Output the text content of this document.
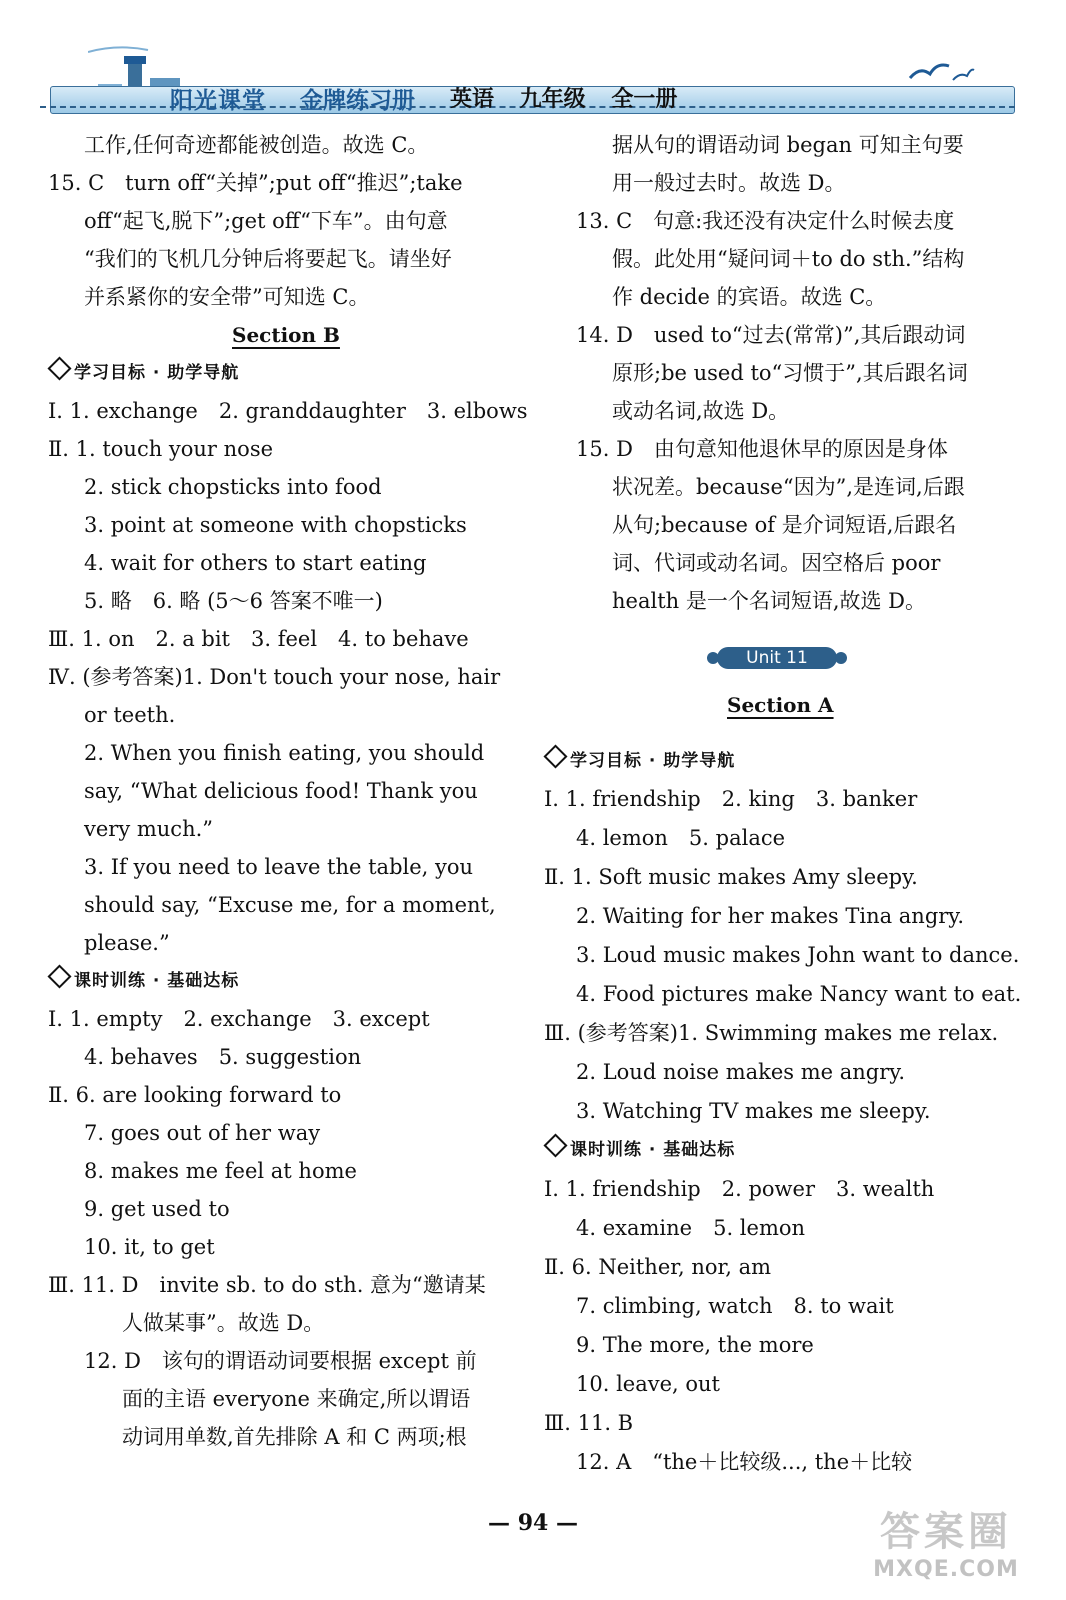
阳光课堂 金牌练习册 英语 九年级 全一册
工作,任何奇迹都能被创造。故选 C。
15. C　turn off“关掉”;put off“推迟”;take
off“起飞,脱下”;get off“下车”。由句意
“我们的飞机几分钟后将要起飞。请坐好
并系紧你的安全带”可知选 C。
Section B
学习目标 · 助学导航
Ⅰ. 1. exchange　2. granddaughter　3. elbows
Ⅱ. 1. touch your nose
2. stick chopsticks into food
3. point at someone with chopsticks
4. wait for others to start eating
5. 略　6. 略 (5～6 答案不唯一)
Ⅲ. 1. on　2. a bit　3. feel　4. to behave
Ⅳ. (参考答案)1. Don't touch your nose, hair
or teeth.
2. When you finish eating, you should
say, “What delicious food! Thank you
very much.”
3. If you need to leave the table, you
should say, “Excuse me, for a moment,
please.”
课时训练 · 基础达标
Ⅰ. 1. empty　2. exchange　3. except
4. behaves　5. suggestion
Ⅱ. 6. are looking forward to
7. goes out of her way
8. makes me feel at home
9. get used to
10. it, to get
Ⅲ. 11. D　invite sb. to do sth. 意为“邀请某
人做某事”。故选 D。
12. D　该句的谓语动词要根据 except 前
面的主语 everyone 来确定,所以谓语
动词用单数,首先排除 A 和 C 两项;根
据从句的谓语动词 began 可知主句要
用一般过去时。故选 D。
13. C　句意:我还没有决定什么时候去度
假。此处用“疑问词＋to do sth.”结构
作 decide 的宾语。故选 C。
14. D　used to“过去(常常)”,其后跟动词
原形;be used to“习惯于”,其后跟名词
或动名词,故选 D。
15. D　由句意知他退休早的原因是身体
状况差。because“因为”,是连词,后跟
从句;because of 是介词短语,后跟名
词、代词或动名词。因空格后 poor
health 是一个名词短语,故选 D。
Unit 11
Section A
学习目标 · 助学导航
Ⅰ. 1. friendship　2. king　3. banker
4. lemon　5. palace
Ⅱ. 1. Soft music makes Amy sleepy.
2. Waiting for her makes Tina angry.
3. Loud music makes John want to dance.
4. Food pictures make Nancy want to eat.
Ⅲ. (参考答案)1. Swimming makes me relax.
2. Loud noise makes me angry.
3. Watching TV makes me sleepy.
课时训练 · 基础达标
Ⅰ. 1. friendship　2. power　3. wealth
4. examine　5. lemon
Ⅱ. 6. Neither, nor, am
7. climbing, watch　8. to wait
9. The more, the more
10. leave, out
Ⅲ. 11. B
12. A　“the＋比较级..., the＋比较
— 94 —	答案圈
MXQE.COM
